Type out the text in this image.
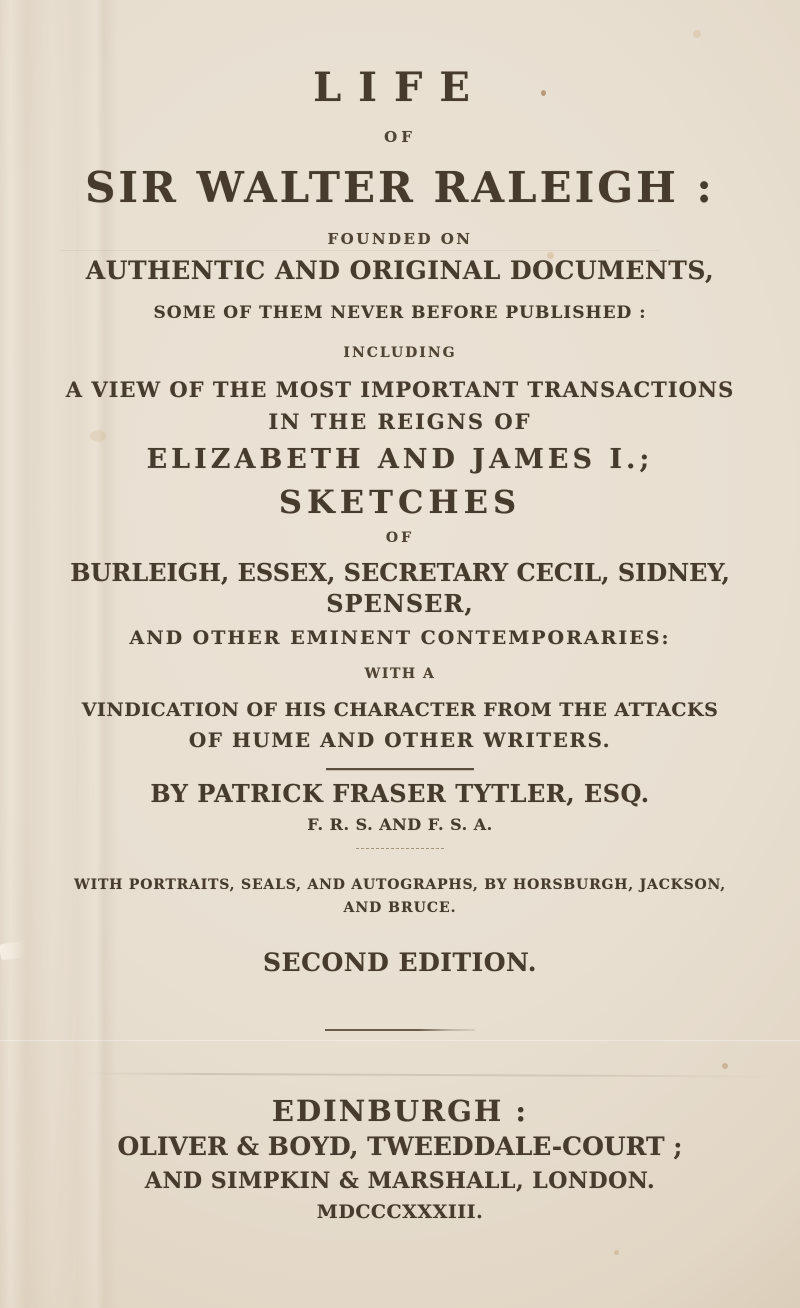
LIFE
OF
SIR WALTER RALEIGH :
FOUNDED ON
AUTHENTIC AND ORIGINAL DOCUMENTS,
SOME OF THEM NEVER BEFORE PUBLISHED :
INCLUDING
A VIEW OF THE MOST IMPORTANT TRANSACTIONS
IN THE REIGNS OF
ELIZABETH AND JAMES I.;
SKETCHES
OF
BURLEIGH, ESSEX, SECRETARY CECIL, SIDNEY,
SPENSER,
AND OTHER EMINENT CONTEMPORARIES:
WITH A
VINDICATION OF HIS CHARACTER FROM THE ATTACKS
OF HUME AND OTHER WRITERS.
BY PATRICK FRASER TYTLER, ESQ.
F. R. S. AND F. S. A.
WITH PORTRAITS, SEALS, AND AUTOGRAPHS, BY HORSBURGH, JACKSON,
AND BRUCE.
SECOND EDITION.
EDINBURGH :
OLIVER & BOYD, TWEEDDALE-COURT ;
AND SIMPKIN & MARSHALL, LONDON.
MDCCCXXXIII.
